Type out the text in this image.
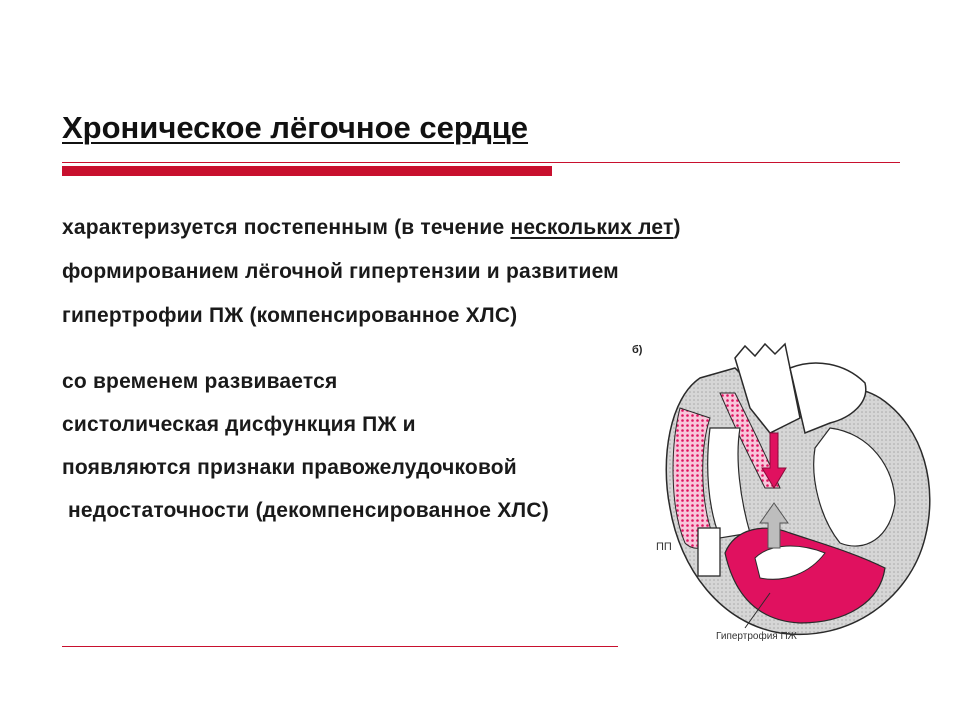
Хроническое лёгочное сердце
характеризуется постепенным (в течение нескольких лет)
формированием лёгочной гипертензии и развитием
гипертрофии ПЖ (компенсированное ХЛС)
со временем развивается
систолическая дисфункция ПЖ и
появляются признаки правожелудочковой
недостаточности (декомпенсированное ХЛС)
б)
ПП
Гипертрофия ПЖ
